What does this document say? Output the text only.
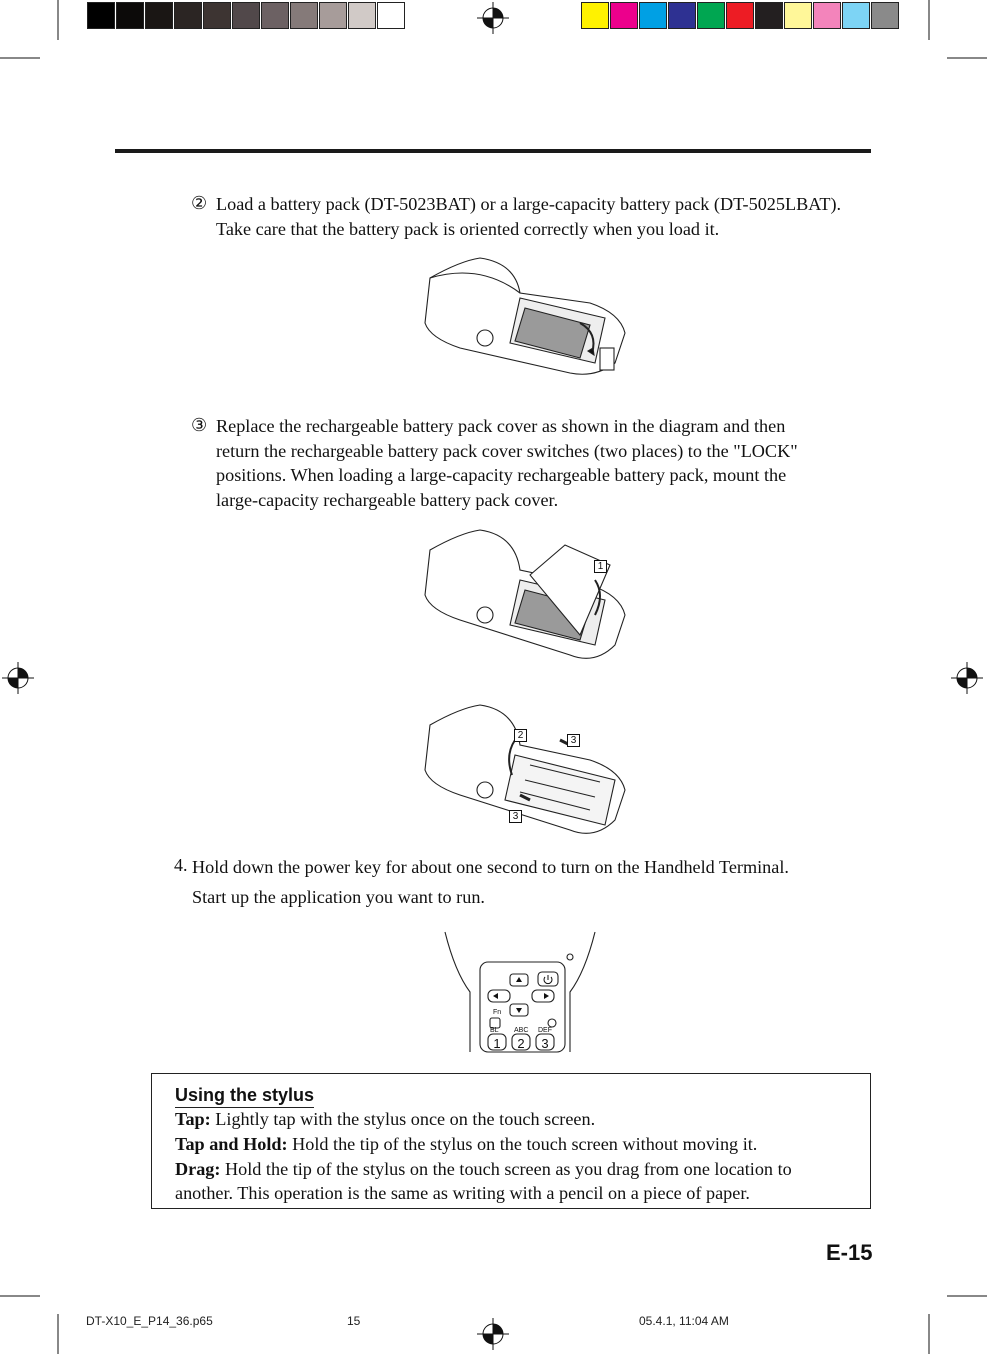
② Load a battery pack (DT-5023BAT) or a large-capacity battery pack (DT-5025LBAT).
Take care that the battery pack is oriented correctly when you load it.
③ Replace the rechargeable battery pack cover as shown in the diagram and then
return the rechargeable battery pack cover switches (two places) to the "LOCK"
positions. When loading a large-capacity rechargeable battery pack, mount the
large-capacity rechargeable battery pack cover.
1
2	3
3
4. Hold down the power key for about one second to turn on the Handheld Terminal.
Start up the application you want to run.
Fn
BL ABC DEF
1 2 3
Using the stylus
Tap: Lightly tap with the stylus once on the touch screen.
Tap and Hold: Hold the tip of the stylus on the touch screen without moving it.
Drag: Hold the tip of the stylus on the touch screen as you drag from one location to
another. This operation is the same as writing with a pencil on a piece of paper.
E-15
DT-X10_E_P14_36.p65	15	05.4.1, 11:04 AM
